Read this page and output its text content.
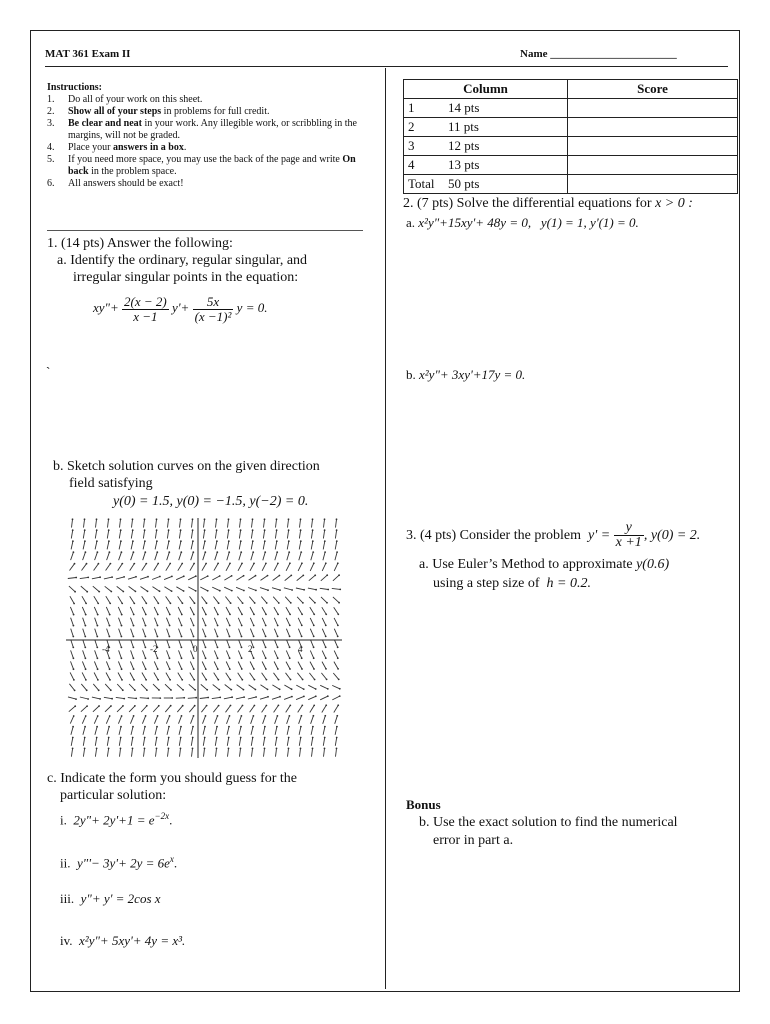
MAT 361 Exam II	Name _______________________
Instructions:
1. Do all of your work on this sheet.
2. Show all of your steps in problems for full credit.
3. Be clear and neat in your work. Any illegible work, or scribbling in the margins, will not be graded.
4. Place your answers in a box.
5. If you need more space, you may use the back of the page and write On back in the problem space.
6. All answers should be exact!
1. (14 pts) Answer the following:
a. Identify the ordinary, regular singular, and
irregular singular points in the equation:
xy"+ $\frac{2(x - 2)}{x -1} y'+ \frac{5x}{\text{(x −1)²}}$ y = 0.
`
b. Sketch solution curves on the given direction
field satisfying
y(0) = 1.5, y(0) = −1.5, y(−2) = 0.
-4	-2	0	2	4
c. Indicate the form you should guess for the
particular solution:
i. 2y"+ $2y'+1 = e^{-2x}$.
ii. y"'− $3y'+ 2y = 6e^x$.
iii. y"+ y' = 2cos x
iv. x²y"+ 5xy'+ 4y = x³.
Column	Score
1 14 pts	
2 11 pts	
3 12 pts	
4 13 pts	
Total 50 pts	
2. (7 pts) Solve the differential equations for x > 0 :
a. x²y"+15xy'+ 48y = 0, y(1) = 1, y'(1) = 0.
b. x²y"+ 3xy'+17y = 0.
3. (4 pts) Consider the problem $y' = \frac{y}{x +1}$ , y(0) = 2.
a. Use Euler’s Method to approximate y(0.6)
using a step size of h = 0.2.
Bonus
b. Use the exact solution to find the numerical
error in part a.
